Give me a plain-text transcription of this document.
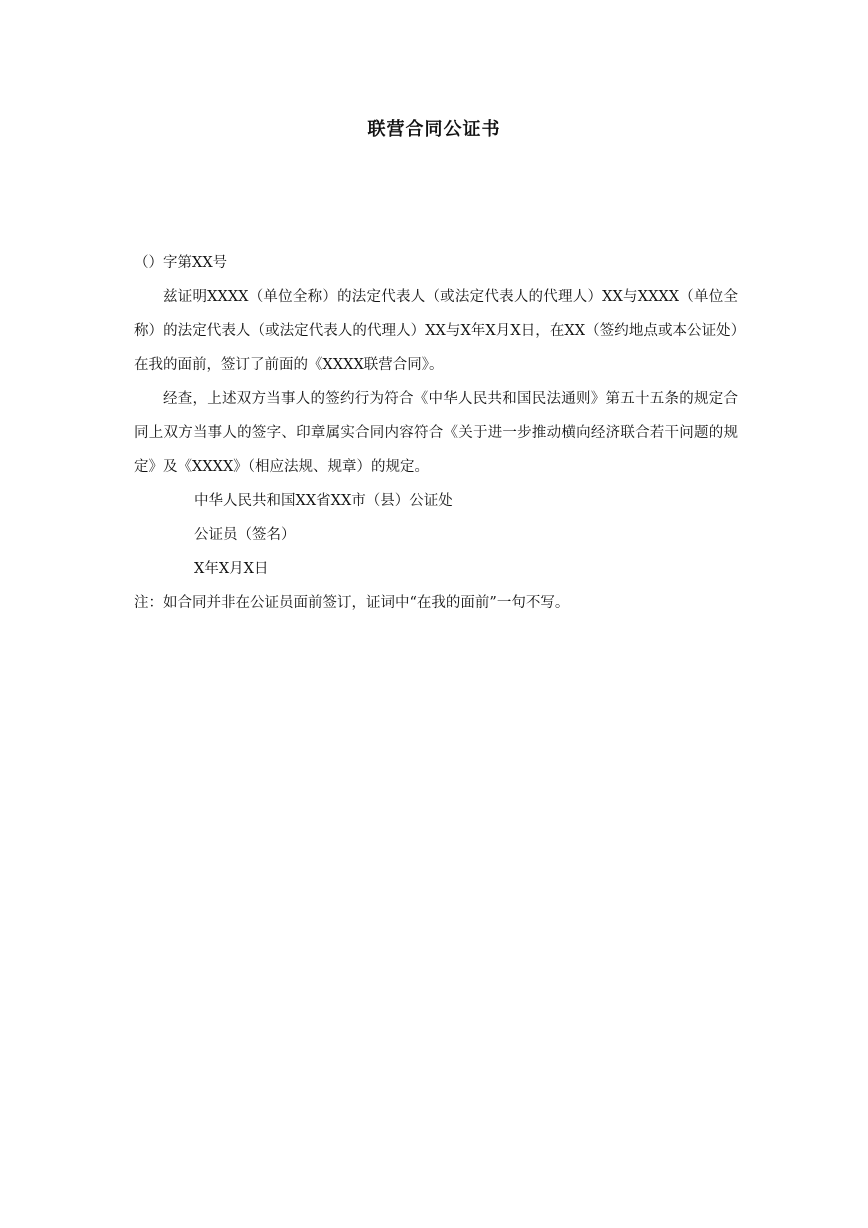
联营合同公证书
（）字第XX号
兹证明XXXX（单位全称）的法定代表人（或法定代表人的代理人）XX与XXXX（单位全称）的法定代表人（或法定代表人的代理人）XX与X年X月X日，在XX（签约地点或本公证处）在我的面前，签订了前面的《XXXX联营合同》。
经查，上述双方当事人的签约行为符合《中华人民共和国民法通则》第五十五条的规定合同上双方当事人的签字、印章属实合同内容符合《关于进一步推动横向经济联合若干问题的规定》及《XXXX》（相应法规、规章）的规定。
中华人民共和国XX省XX市（县）公证处
公证员（签名）
X年X月X日
注：如合同并非在公证员面前签订，证词中“在我的面前”一句不写。
